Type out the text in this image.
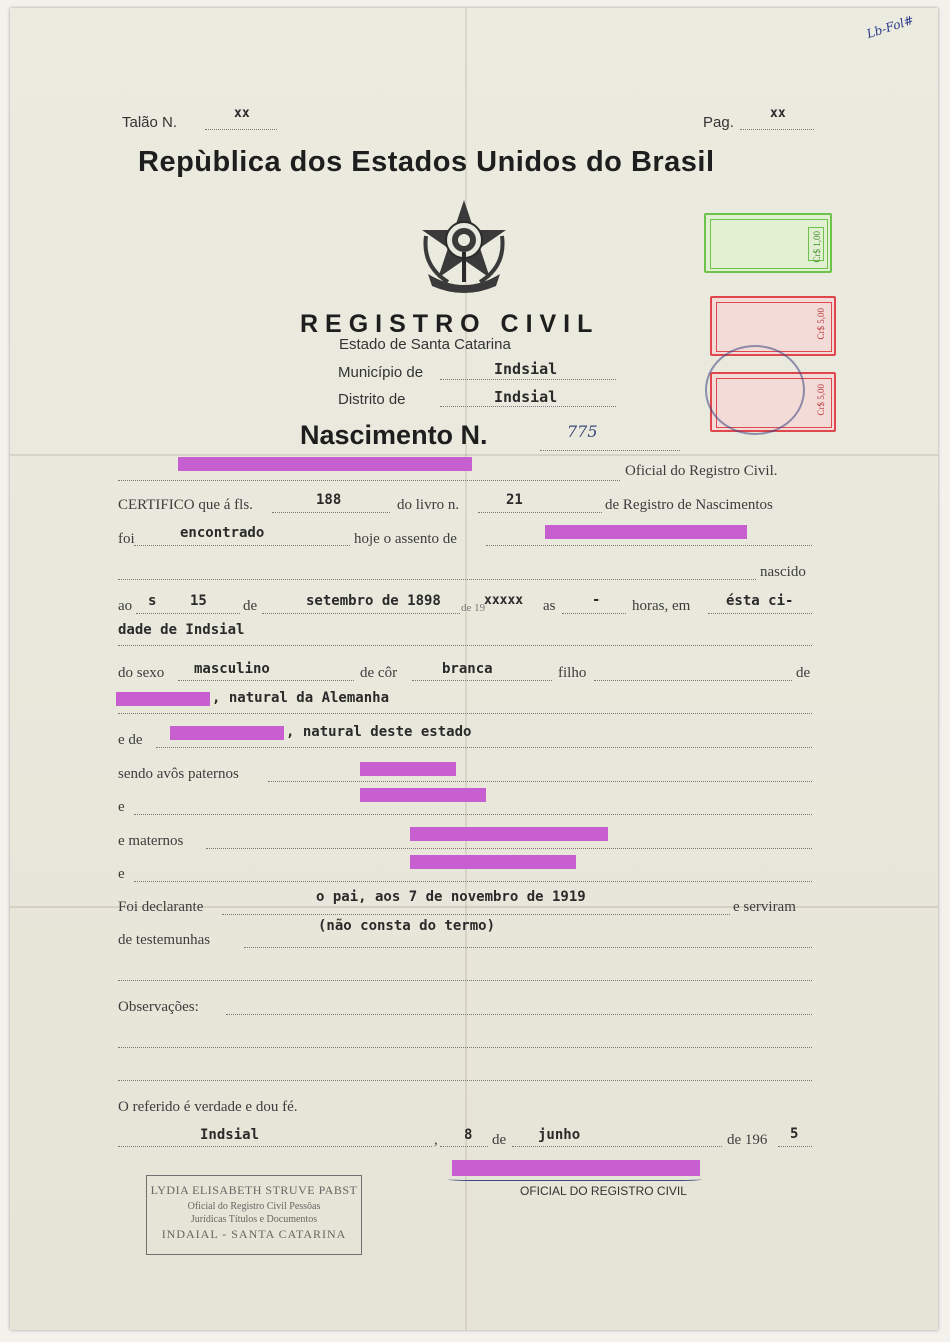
Lb-Fol#
Talão N.
xx
Pag.
xx
Repùblica dos Estados Unidos do Brasil
REGISTRO CIVIL
Estado de Santa Catarina
Município de	Indsial
Distrito de	Indsial
Nascimento N.	775
Cr$ 1,00
Cr$ 5,00
Cr$ 5,00
Oficial do Registro Civil.
CERTIFICO que á fls.	188	do livro n.	21	de Registro de Nascimentos
foi	encontrado	hoje o assento de
nascido
ao s 15 de	setembro de 1898 de 19
xxxxx as	- horas, em	ésta ci-
dade de Indsial
do sexo masculino	de côr	branca	filho	de
, natural da Alemanha
e de	, natural deste estado
sendo avôs paternos
e
e maternos
e
Foi declarante
o pai, aos 7 de novembro de 1919
e serviram
de testemunhas
(não consta do termo)
Observações:
O referido é verdade e dou fé.
Indsial	, 8 de junho	de 196 5
OFICIAL DO REGISTRO CIVIL
LYDIA ELISABETH STRUVE PABST
Oficial do Registro Civil Pessôas
Jurídicas Títulos e Documentos
INDAIAL - SANTA CATARINA
